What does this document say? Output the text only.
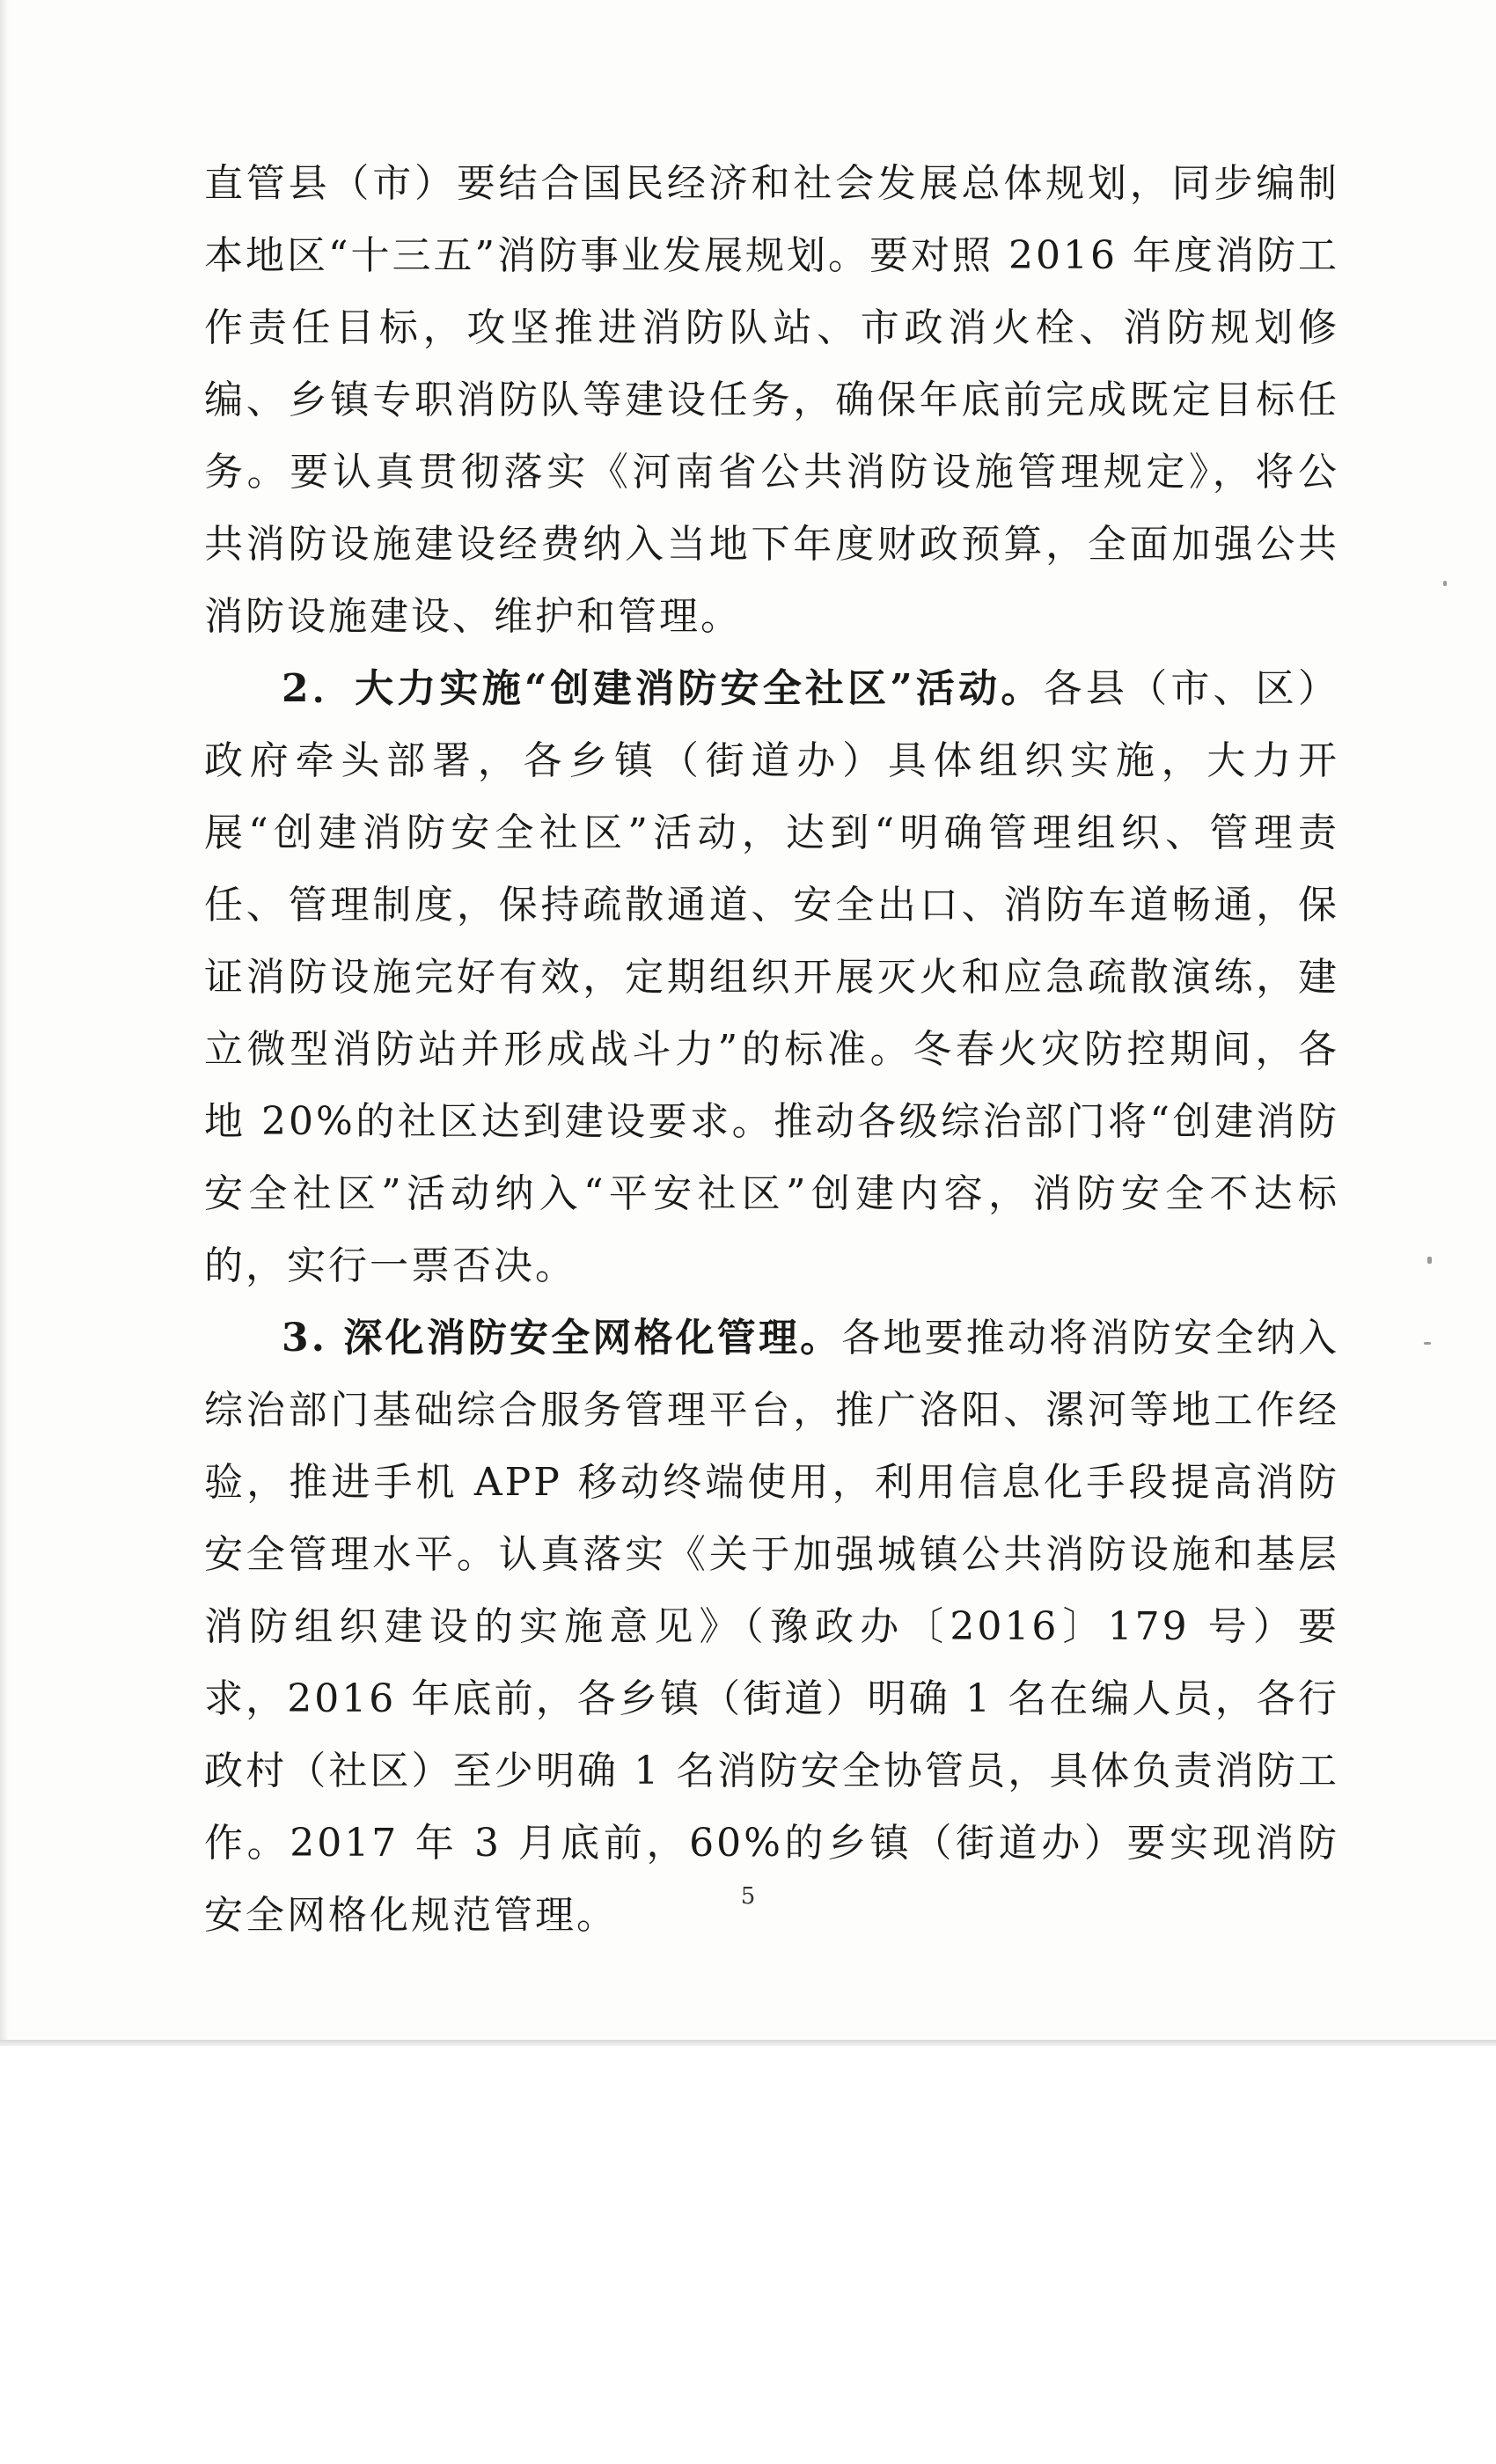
直管县（市）要结合国民经济和社会发展总体规划，同步编制本地区“十三五”消防事业发展规划。要对照 2016 年度消防工作责任目标，攻坚推进消防队站、市政消火栓、消防规划修编、乡镇专职消防队等建设任务，确保年底前完成既定目标任务。要认真贯彻落实《河南省公共消防设施管理规定》，将公共消防设施建设经费纳入当地下年度财政预算，全面加强公共消防设施建设、维护和管理。

2．大力实施“创建消防安全社区”活动。各县（市、区）政府牵头部署，各乡镇（街道办）具体组织实施，大力开展“创建消防安全社区”活动，达到“明确管理组织、管理责任、管理制度，保持疏散通道、安全出口、消防车道畅通，保证消防设施完好有效，定期组织开展灭火和应急疏散演练，建立微型消防站并形成战斗力”的标准。冬春火灾防控期间，各地 20%的社区达到建设要求。推动各级综治部门将“创建消防安全社区”活动纳入“平安社区”创建内容，消防安全不达标的，实行一票否决。

3. 深化消防安全网格化管理。各地要推动将消防安全纳入综治部门基础综合服务管理平台，推广洛阳、漯河等地工作经验，推进手机 APP 移动终端使用，利用信息化手段提高消防安全管理水平。认真落实《关于加强城镇公共消防设施和基层消防组织建设的实施意见》（豫政办〔2016〕179 号）要求，2016 年底前，各乡镇（街道）明确 1 名在编人员，各行政村（社区）至少明确 1 名消防安全协管员，具体负责消防工作。2017 年 3 月底前，60%的乡镇（街道办）要实现消防安全网格化规范管理。	5
